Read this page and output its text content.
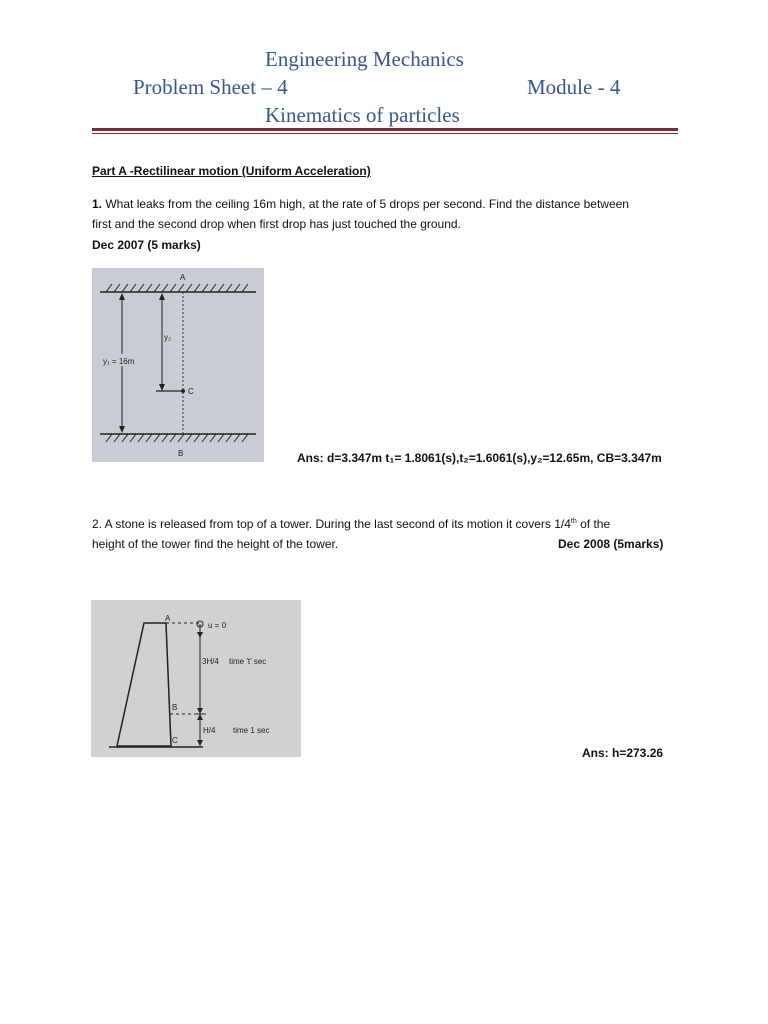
Engineering Mechanics
Problem Sheet – 4	Module - 4
Kinematics of particles
Part A -Rectilinear motion (Uniform Acceleration)
1. What leaks from the ceiling 16m high, at the rate of 5 drops per second. Find the distance between
first and the second drop when first drop has just touched the ground.
Dec 2007 (5 marks)
A
y₂
y₁ = 16m
C
B	Ans: d=3.347m t₁= 1.8061(s),t₂=1.6061(s),y₂=12.65m, CB=3.347m
2. A stone is released from top of a tower. During the last second of its motion it covers 1/4th of the
height of the tower find the height of the tower.	Dec 2008 (5marks)
A
u = 0
3H/4 time 't' sec
B
H/4 time 1 sec
C
Ans: h=273.26
